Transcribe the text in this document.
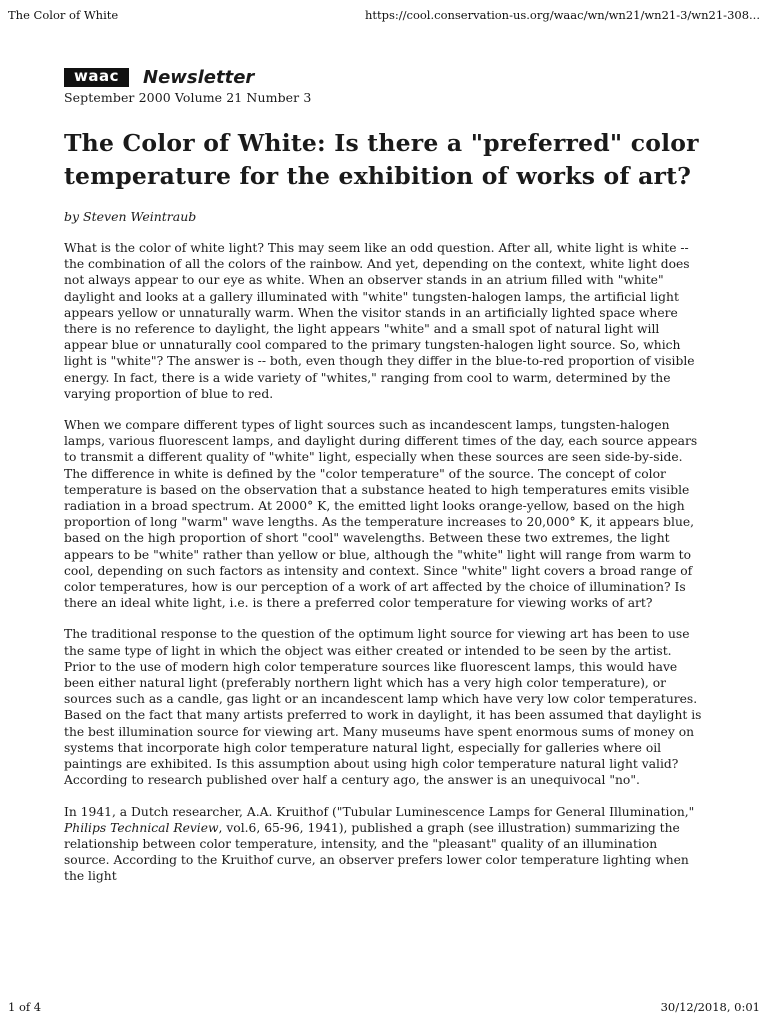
The Color of White	https://cool.conservation-us.org/waac/wn/wn21/wn21-3/wn21-308...
waac	Newsletter
September 2000 Volume 21 Number 3
The Color of White: Is there a "preferred" color temperature for the exhibition of works of art?
by Steven Weintraub

What is the color of white light? This may seem like an odd question. After all, white light is white -- the combination of all the colors of the rainbow. And yet, depending on the context, white light does not always appear to our eye as white. When an observer stands in an atrium filled with "white" daylight and looks at a gallery illuminated with "white" tungsten-halogen lamps, the artificial light appears yellow or unnaturally warm. When the visitor stands in an artificially lighted space where there is no reference to daylight, the light appears "white" and a small spot of natural light will appear blue or unnaturally cool compared to the primary tungsten-halogen light source. So, which light is "white"? The answer is -- both, even though they differ in the blue-to-red proportion of visible energy. In fact, there is a wide variety of "whites," ranging from cool to warm, determined by the varying proportion of blue to red.

When we compare different types of light sources such as incandescent lamps, tungsten-halogen lamps, various fluorescent lamps, and daylight during different times of the day, each source appears to transmit a different quality of "white" light, especially when these sources are seen side-by-side. The difference in white is defined by the "color temperature" of the source. The concept of color temperature is based on the observation that a substance heated to high temperatures emits visible radiation in a broad spectrum. At 2000° K, the emitted light looks orange-yellow, based on the high proportion of long "warm" wave lengths. As the temperature increases to 20,000° K, it appears blue, based on the high proportion of short "cool" wavelengths. Between these two extremes, the light appears to be "white" rather than yellow or blue, although the "white" light will range from warm to cool, depending on such factors as intensity and context. Since "white" light covers a broad range of color temperatures, how is our perception of a work of art affected by the choice of illumination? Is there an ideal white light, i.e. is there a preferred color temperature for viewing works of art?

The traditional response to the question of the optimum light source for viewing art has been to use the same type of light in which the object was either created or intended to be seen by the artist. Prior to the use of modern high color temperature sources like fluorescent lamps, this would have been either natural light (preferably northern light which has a very high color temperature), or sources such as a candle, gas light or an incandescent lamp which have very low color temperatures. Based on the fact that many artists preferred to work in daylight, it has been assumed that daylight is the best illumination source for viewing art. Many museums have spent enormous sums of money on systems that incorporate high color temperature natural light, especially for galleries where oil paintings are exhibited. Is this assumption about using high color temperature natural light valid? According to research published over half a century ago, the answer is an unequivocal "no".

In 1941, a Dutch researcher, A.A. Kruithof ("Tubular Luminescence Lamps for General Illumination," Philips Technical Review, vol.6, 65-96, 1941), published a graph (see illustration) summarizing the relationship between color temperature, intensity, and the "pleasant" quality of an illumination source. According to the Kruithof curve, an observer prefers lower color temperature lighting when the light

1 of 4	30/12/2018, 0:01
